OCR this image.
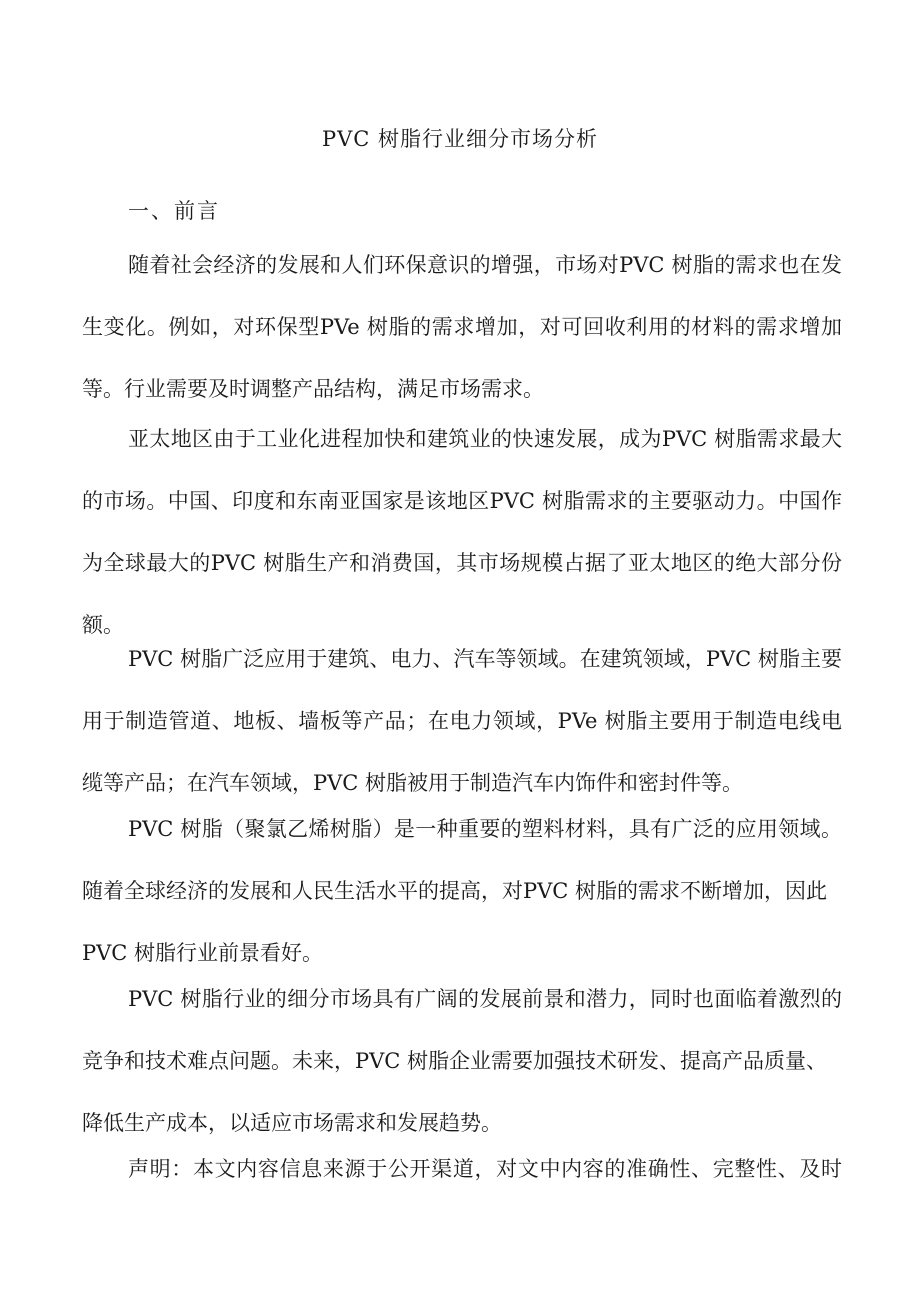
PVC 树脂行业细分市场分析
一、前言
随着社会经济的发展和人们环保意识的增强，市场对PVC 树脂的需求也在发
生变化。例如，对环保型PVe 树脂的需求增加，对可回收利用的材料的需求增加
等。行业需要及时调整产品结构，满足市场需求。
亚太地区由于工业化进程加快和建筑业的快速发展，成为PVC 树脂需求最大
的市场。中国、印度和东南亚国家是该地区PVC 树脂需求的主要驱动力。中国作
为全球最大的PVC 树脂生产和消费国，其市场规模占据了亚太地区的绝大部分份
额。
PVC 树脂广泛应用于建筑、电力、汽车等领域。在建筑领域，PVC 树脂主要
用于制造管道、地板、墙板等产品；在电力领域，PVe 树脂主要用于制造电线电
缆等产品；在汽车领域，PVC 树脂被用于制造汽车内饰件和密封件等。
PVC 树脂（聚氯乙烯树脂）是一种重要的塑料材料，具有广泛的应用领域。
随着全球经济的发展和人民生活水平的提高，对PVC 树脂的需求不断增加，因此
PVC 树脂行业前景看好。
PVC 树脂行业的细分市场具有广阔的发展前景和潜力，同时也面临着激烈的
竞争和技术难点问题。未来，PVC 树脂企业需要加强技术研发、提高产品质量、
降低生产成本，以适应市场需求和发展趋势。
声明：本文内容信息来源于公开渠道，对文中内容的准确性、完整性、及时
